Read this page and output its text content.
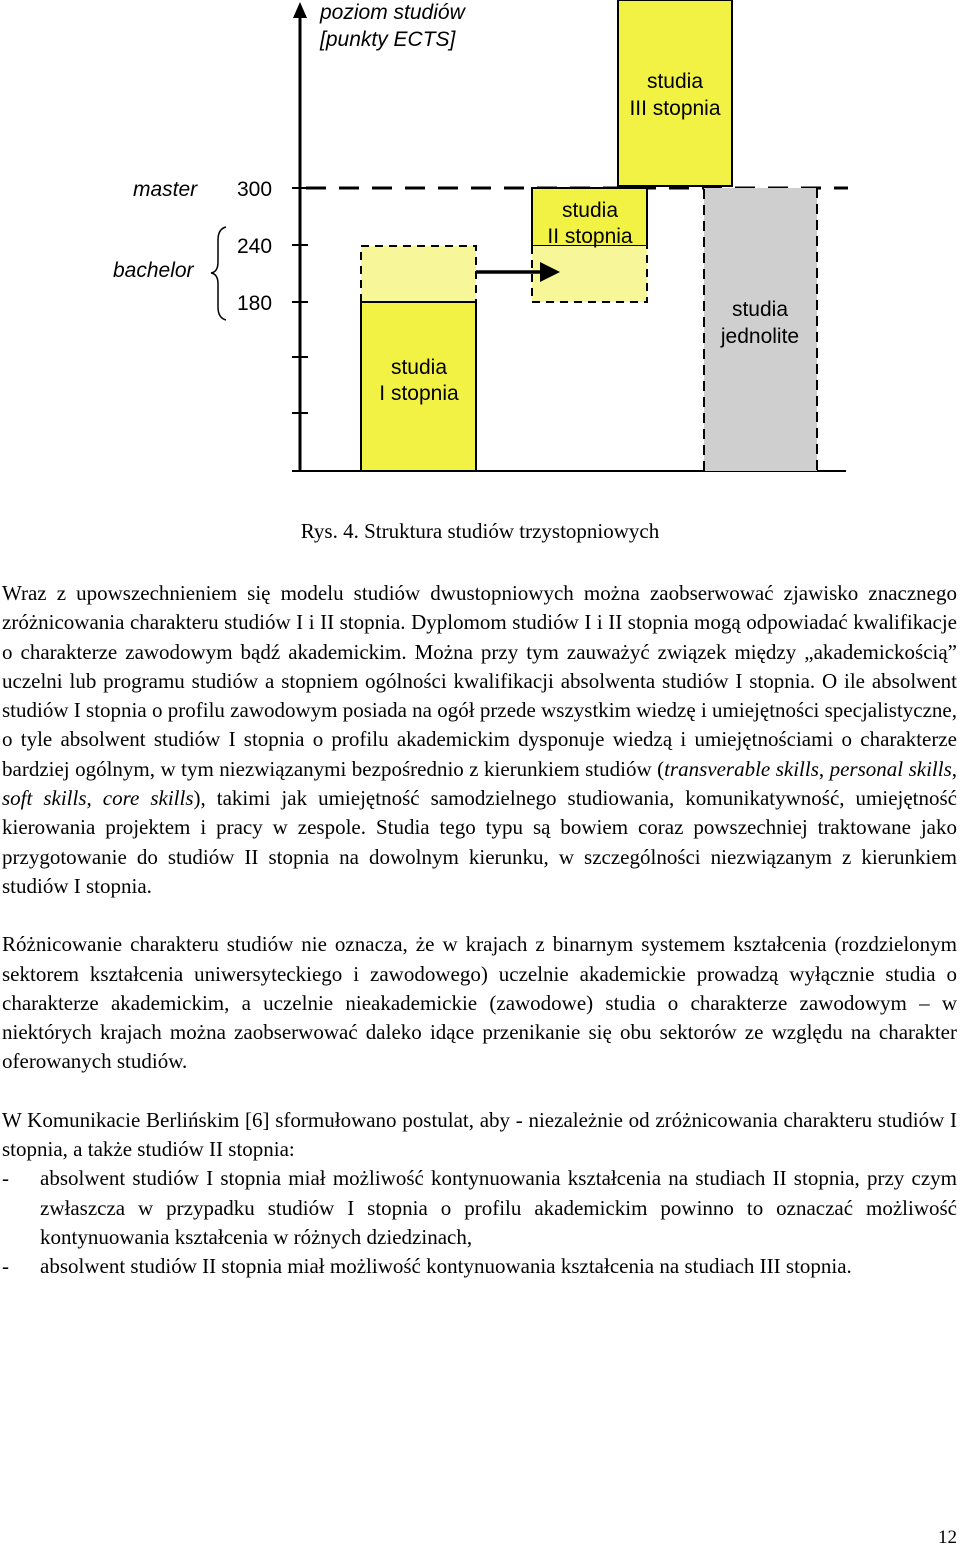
poziom studiów
[punkty ECTS]
300
240
180
master
bachelor
studia
III stopnia
studia
II stopnia
studia
I stopnia
studia
jednolite
Rys. 4. Struktura studiów trzystopniowych

Wraz z upowszechnieniem się modelu studiów dwustopniowych można zaobserwować zjawisko znacznego zróżnicowania charakteru studiów I i II stopnia. Dyplomom studiów I i II stopnia mogą odpowiadać kwalifikacje o charakterze zawodowym bądź akademickim. Można przy tym zauważyć związek między „akademickością” uczelni lub programu studiów a stopniem ogólności kwalifikacji absolwenta studiów I stopnia. O ile absolwent studiów I stopnia o profilu zawodowym posiada na ogół przede wszystkim wiedzę i umiejętności specjalistyczne, o tyle absolwent studiów I stopnia o profilu akademickim dysponuje wiedzą i umiejętnościami o charakterze bardziej ogólnym, w tym niezwiązanymi bezpośrednio z kierunkiem studiów (transverable skills, personal skills, soft skills, core skills), takimi jak umiejętność samodzielnego studiowania, komunikatywność, umiejętność kierowania projektem i pracy w zespole. Studia tego typu są bowiem coraz powszechniej traktowane jako przygotowanie do studiów II stopnia na dowolnym kierunku, w szczególności niezwiązanym z kierunkiem studiów I stopnia.

Różnicowanie charakteru studiów nie oznacza, że w krajach z binarnym systemem kształcenia (rozdzielonym sektorem kształcenia uniwersyteckiego i zawodowego) uczelnie akademickie prowadzą wyłącznie studia o charakterze akademickim, a uczelnie nieakademickie (zawodowe) studia o charakterze zawodowym – w niektórych krajach można zaobserwować daleko idące przenikanie się obu sektorów ze względu na charakter oferowanych studiów.

W Komunikacie Berlińskim [6] sformułowano postulat, aby - niezależnie od zróżnicowania charakteru studiów I stopnia, a także studiów II stopnia:
-	absolwent studiów I stopnia miał możliwość kontynuowania kształcenia na studiach II stopnia, przy czym zwłaszcza w przypadku studiów I stopnia o profilu akademickim powinno to oznaczać możliwość kontynuowania kształcenia w różnych dziedzinach,
-	absolwent studiów II stopnia miał możliwość kontynuowania kształcenia na studiach III stopnia.

12
